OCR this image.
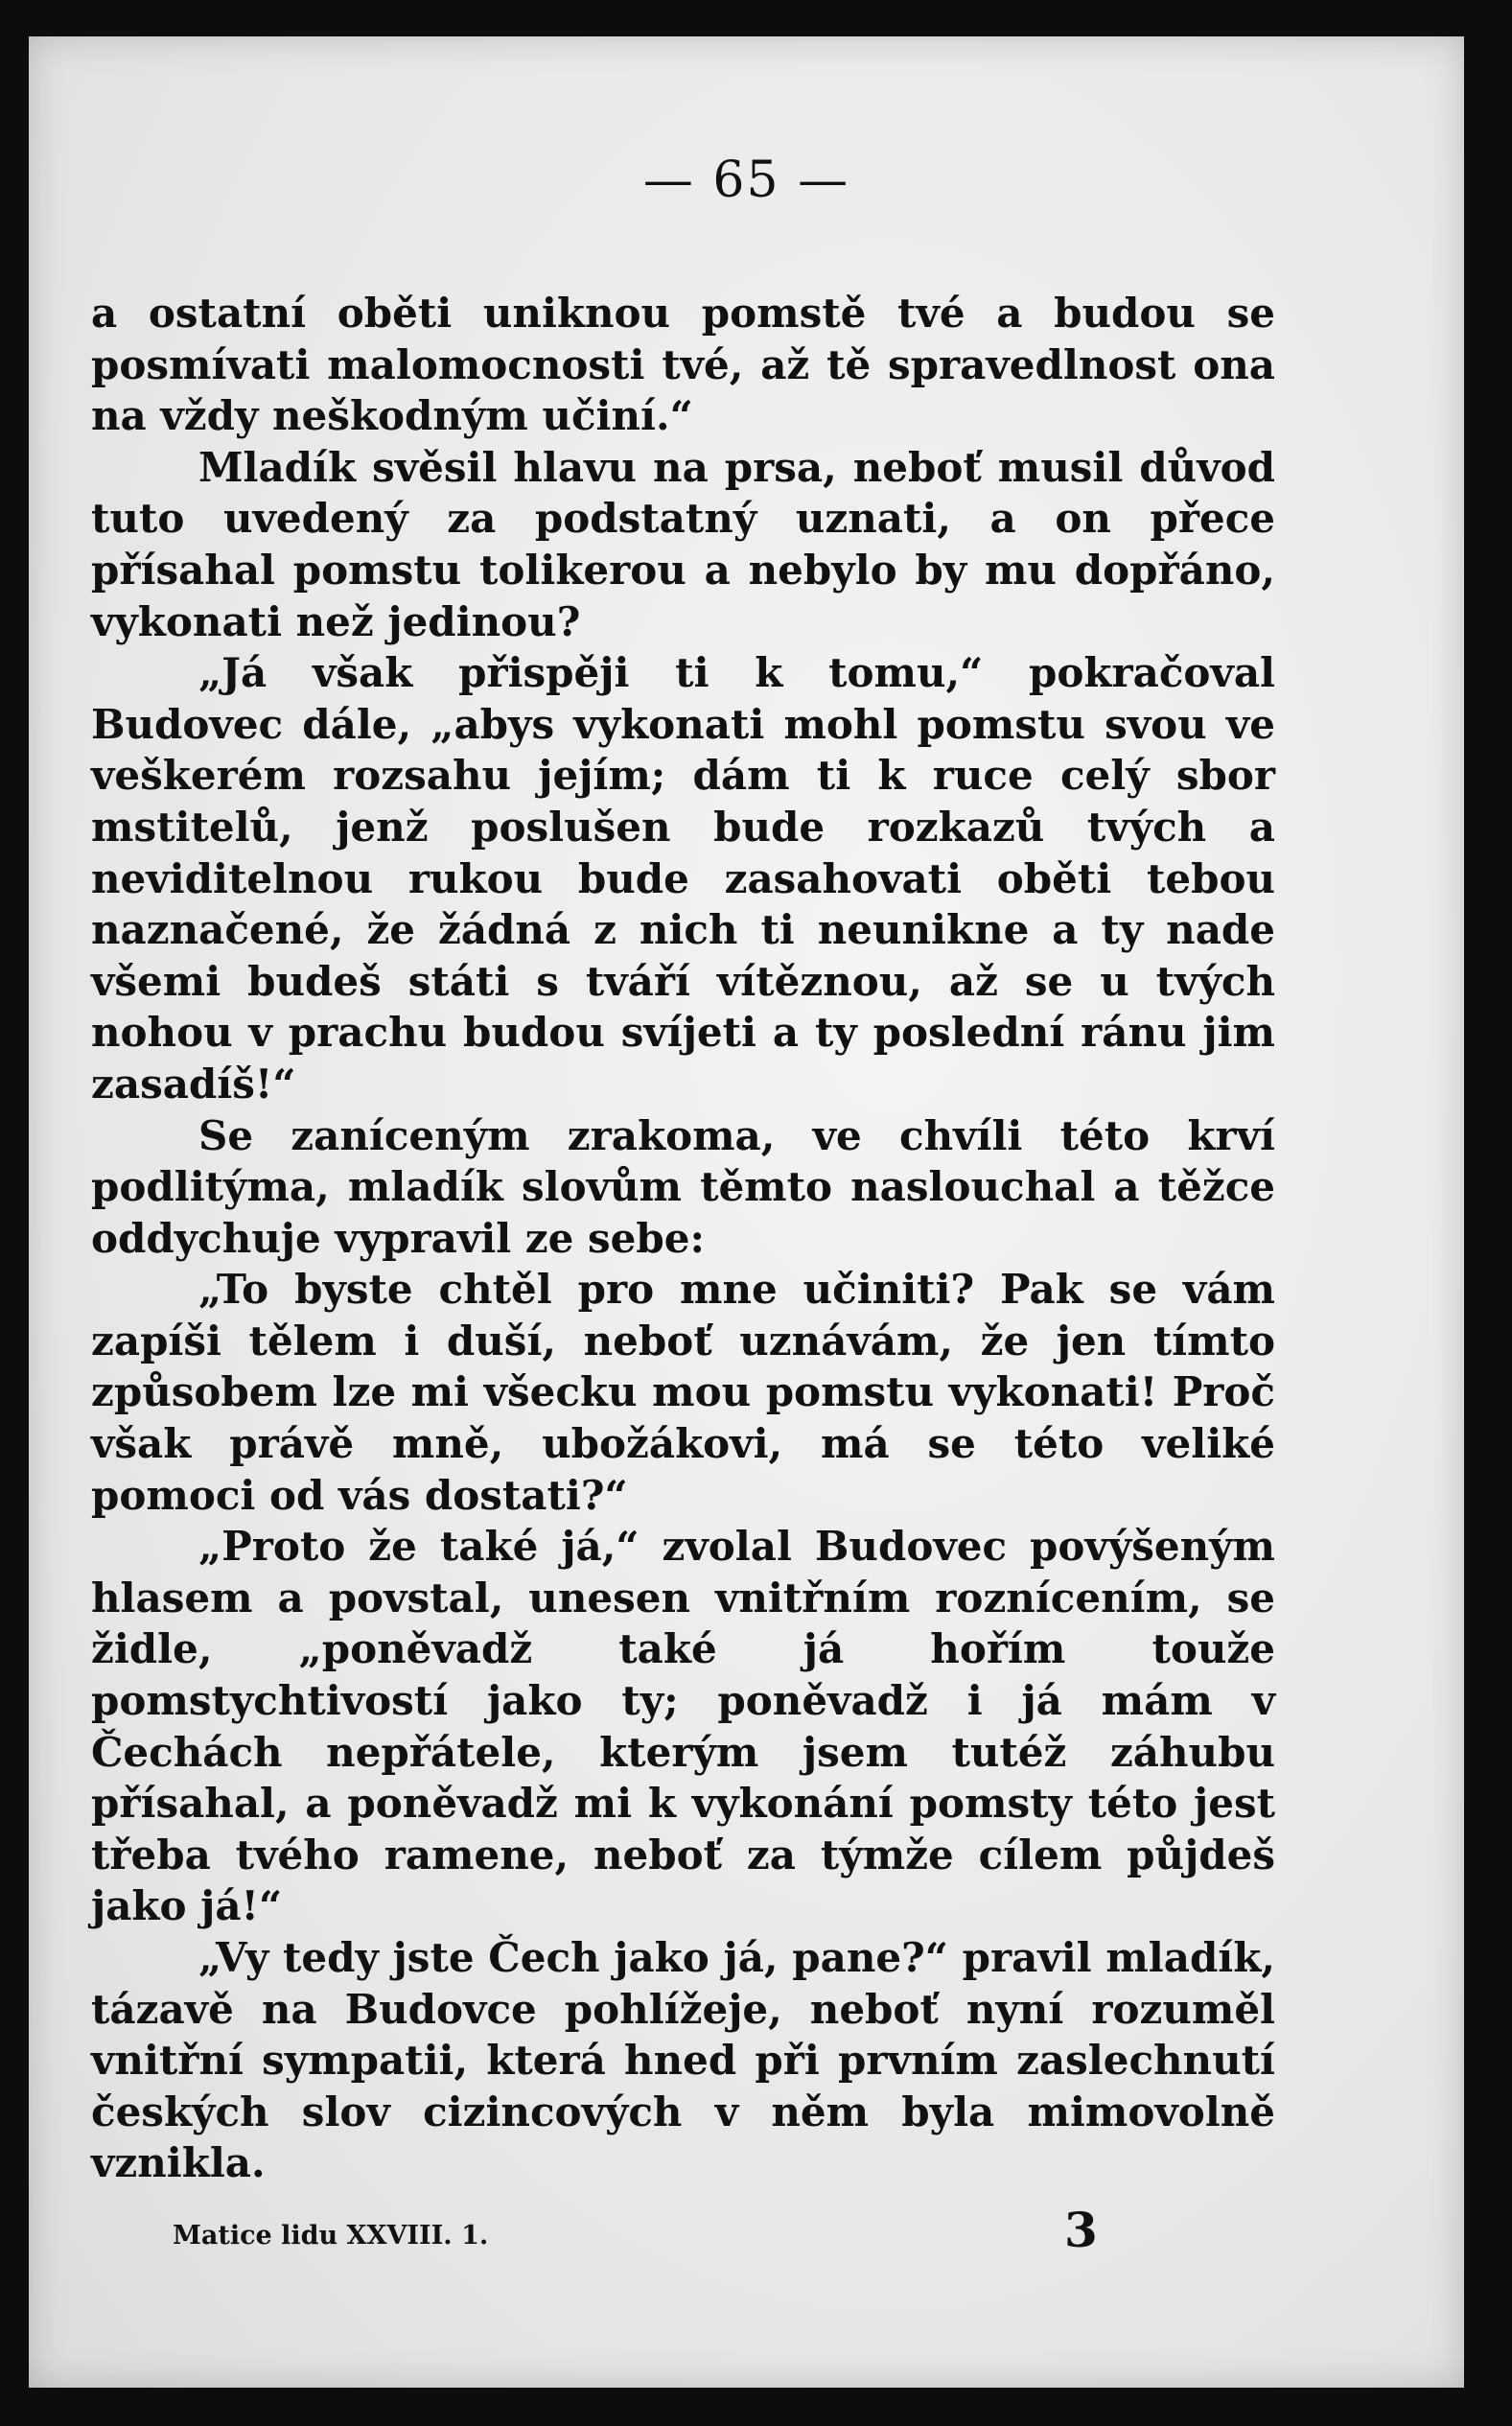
— 65 —

a ostatní oběti uniknou pomstě tvé a budou se posmívati malomocnosti tvé, až tě spravedlnost ona na vždy neškodným učiní.“

Mladík svěsil hlavu na prsa, neboť musil důvod tuto uvedený za podstatný uznati, a on přece přísahal pomstu tolikerou a nebylo by mu dopřáno, vykonati než jedinou?

„Já však přispěji ti k tomu,“ pokračoval Budovec dále, „abys vykonati mohl pomstu svou ve veškerém rozsahu jejím; dám ti k ruce celý sbor mstitelů, jenž poslušen bude rozkazů tvých a neviditelnou rukou bude zasahovati oběti tebou naznačené, že žádná z nich ti neunikne a ty nade všemi budeš státi s tváří vítěznou, až se u tvých nohou v prachu budou svíjeti a ty poslední ránu jim zasadíš!“

Se zaníceným zrakoma, ve chvíli této krví podlitýma, mladík slovům těmto naslouchal a těžce oddychuje vypravil ze sebe:

„To byste chtěl pro mne učiniti? Pak se vám zapíši tělem i duší, neboť uznávám, že jen tímto způsobem lze mi všecku mou pomstu vykonati! Proč však právě mně, ubožákovi, má se této veliké pomoci od vás dostati?“

„Proto že také já,“ zvolal Budovec povýšeným hlasem a povstal, unesen vnitřním roznícením, se židle, „poněvadž také já hořím touže pomstychtivostí jako ty; poněvadž i já mám v Čechách nepřátele, kterým jsem tutéž záhubu přísahal, a poněvadž mi k vykonání pomsty této jest třeba tvého ramene, neboť za týmže cílem půjdeš jako já!“

„Vy tedy jste Čech jako já, pane?“ pravil mladík, tázavě na Budovce pohlížeje, neboť nyní rozuměl vnitřní sympatii, která hned při prvním zaslechnutí českých slov cizincových v něm byla mimovolně vznikla.

Matice lidu XXVIII. 1.	3
